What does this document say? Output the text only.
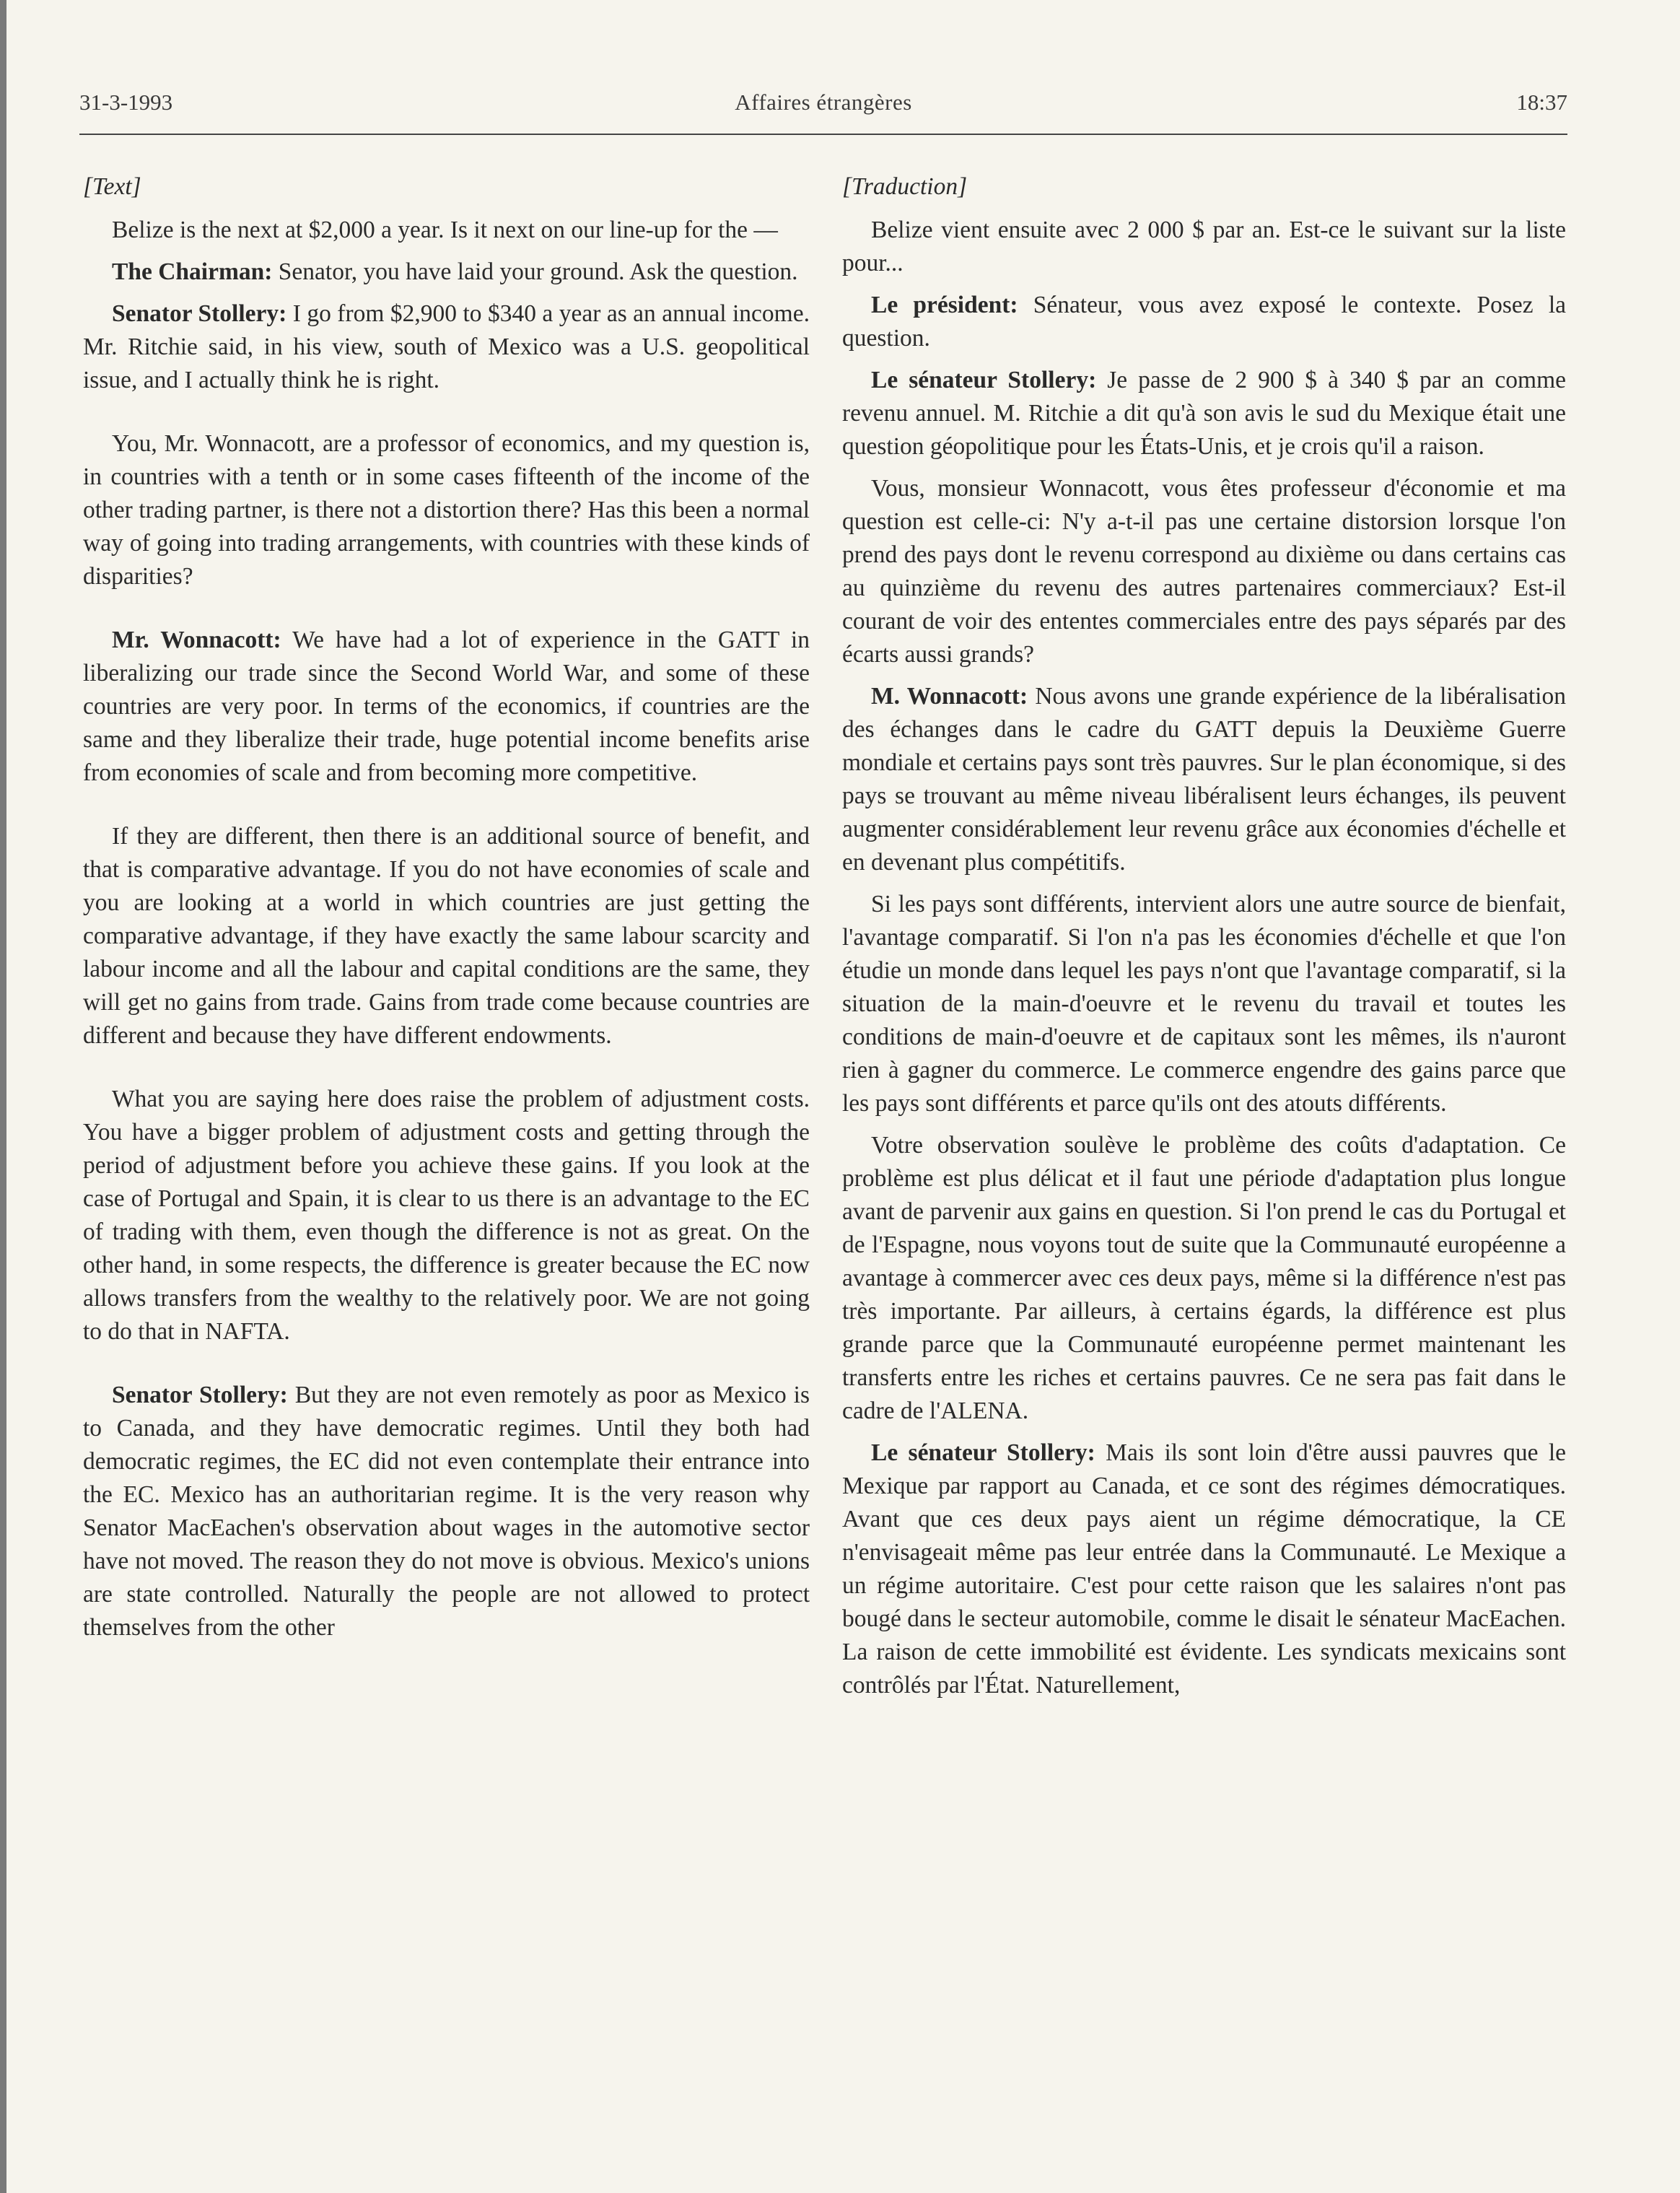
31-3-1993	Affaires étrangères	18:37

[Text]

Belize is the next at $2,000 a year. Is it next on our line-up for the —

The Chairman: Senator, you have laid your ground. Ask the question.

Senator Stollery: I go from $2,900 to $340 a year as an annual income. Mr. Ritchie said, in his view, south of Mexico was a U.S. geopolitical issue, and I actually think he is right.

You, Mr. Wonnacott, are a professor of economics, and my question is, in countries with a tenth or in some cases fifteenth of the income of the other trading partner, is there not a distortion there? Has this been a normal way of going into trading arrangements, with countries with these kinds of disparities?

Mr. Wonnacott: We have had a lot of experience in the GATT in liberalizing our trade since the Second World War, and some of these countries are very poor. In terms of the economics, if countries are the same and they liberalize their trade, huge potential income benefits arise from economies of scale and from becoming more competitive.

If they are different, then there is an additional source of benefit, and that is comparative advantage. If you do not have economies of scale and you are looking at a world in which countries are just getting the comparative advantage, if they have exactly the same labour scarcity and labour income and all the labour and capital conditions are the same, they will get no gains from trade. Gains from trade come because countries are different and because they have different endowments.

What you are saying here does raise the problem of adjustment costs. You have a bigger problem of adjustment costs and getting through the period of adjustment before you achieve these gains. If you look at the case of Portugal and Spain, it is clear to us there is an advantage to the EC of trading with them, even though the difference is not as great. On the other hand, in some respects, the difference is greater because the EC now allows transfers from the wealthy to the relatively poor. We are not going to do that in NAFTA.

Senator Stollery: But they are not even remotely as poor as Mexico is to Canada, and they have democratic regimes. Until they both had democratic regimes, the EC did not even contemplate their entrance into the EC. Mexico has an authoritarian regime. It is the very reason why Senator MacEachen's observation about wages in the automotive sector have not moved. The reason they do not move is obvious. Mexico's unions are state controlled. Naturally the people are not allowed to protect themselves from the other

[Traduction]

Belize vient ensuite avec 2 000 $ par an. Est-ce le suivant sur la liste pour...

Le président: Sénateur, vous avez exposé le contexte. Posez la question.

Le sénateur Stollery: Je passe de 2 900 $ à 340 $ par an comme revenu annuel. M. Ritchie a dit qu'à son avis le sud du Mexique était une question géopolitique pour les États-Unis, et je crois qu'il a raison.

Vous, monsieur Wonnacott, vous êtes professeur d'économie et ma question est celle-ci: N'y a-t-il pas une certaine distorsion lorsque l'on prend des pays dont le revenu correspond au dixième ou dans certains cas au quinzième du revenu des autres partenaires commerciaux? Est-il courant de voir des ententes commerciales entre des pays séparés par des écarts aussi grands?

M. Wonnacott: Nous avons une grande expérience de la libéralisation des échanges dans le cadre du GATT depuis la Deuxième Guerre mondiale et certains pays sont très pauvres. Sur le plan économique, si des pays se trouvant au même niveau libéralisent leurs échanges, ils peuvent augmenter considérablement leur revenu grâce aux économies d'échelle et en devenant plus compétitifs.

Si les pays sont différents, intervient alors une autre source de bienfait, l'avantage comparatif. Si l'on n'a pas les économies d'échelle et que l'on étudie un monde dans lequel les pays n'ont que l'avantage comparatif, si la situation de la main-d'oeuvre et le revenu du travail et toutes les conditions de main-d'oeuvre et de capitaux sont les mêmes, ils n'auront rien à gagner du commerce. Le commerce engendre des gains parce que les pays sont différents et parce qu'ils ont des atouts différents.

Votre observation soulève le problème des coûts d'adaptation. Ce problème est plus délicat et il faut une période d'adaptation plus longue avant de parvenir aux gains en question. Si l'on prend le cas du Portugal et de l'Espagne, nous voyons tout de suite que la Communauté européenne a avantage à commercer avec ces deux pays, même si la différence n'est pas très importante. Par ailleurs, à certains égards, la différence est plus grande parce que la Communauté européenne permet maintenant les transferts entre les riches et certains pauvres. Ce ne sera pas fait dans le cadre de l'ALENA.

Le sénateur Stollery: Mais ils sont loin d'être aussi pauvres que le Mexique par rapport au Canada, et ce sont des régimes démocratiques. Avant que ces deux pays aient un régime démocratique, la CE n'envisageait même pas leur entrée dans la Communauté. Le Mexique a un régime autoritaire. C'est pour cette raison que les salaires n'ont pas bougé dans le secteur automobile, comme le disait le sénateur MacEachen. La raison de cette immobilité est évidente. Les syndicats mexicains sont contrôlés par l'État. Naturellement,
